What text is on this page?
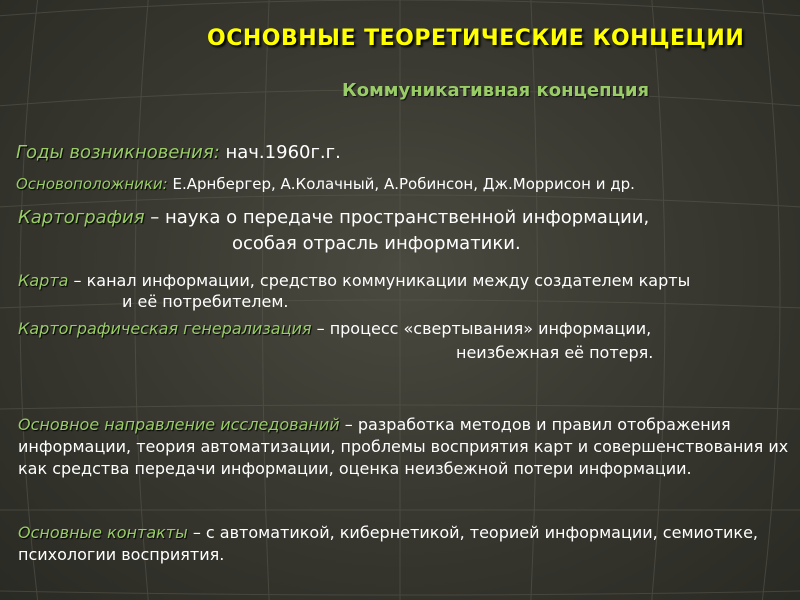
ОСНОВНЫЕ ТЕОРЕТИЧЕСКИЕ КОНЦЕЦИИ
Коммуникативная концепция
Годы возникновения: нач.1960г.г.
Основоположники: Е.Арнбергер, А.Колачный, А.Робинсон, Дж.Моррисон и др.
Картография – наука о передаче пространственной информации,
особая отрасль информатики.
Карта – канал информации, средство коммуникации между создателем карты
и её потребителем.
Картографическая генерализация – процесс «свертывания» информации,
неизбежная её потеря.
Основное направление исследований – разработка методов и правил отображения информации, теория автоматизации, проблемы восприятия карт и совершенствования их как средства передачи информации, оценка неизбежной потери информации.
Основные контакты – с автоматикой, кибернетикой, теорией информации, семиотике, психологии восприятия.
